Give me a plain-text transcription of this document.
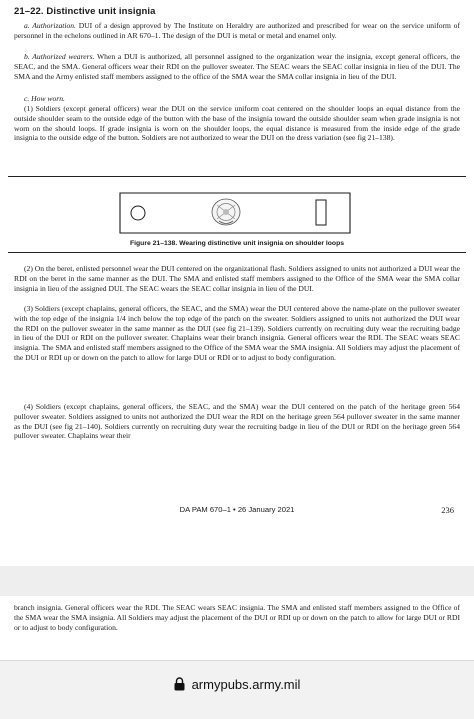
21–22. Distinctive unit insignia

a. Authorization. DUI of a design approved by The Institute on Heraldry are authorized and prescribed for wear on the service uniform of personnel in the echelons outlined in AR 670–1. The design of the DUI is metal or metal and enamel only.

b. Authorized wearers. When a DUI is authorized, all personnel assigned to the organization wear the insignia, except general officers, the SEAC, and the SMA. General officers wear their RDI on the pullover sweater. The SEAC wears the SEAC collar insignia in lieu of the DUI. The SMA and the Army enlisted staff members assigned to the office of the SMA wear the SMA collar insignia in lieu of the DUI.

c. How worn.

(1) Soldiers (except general officers) wear the DUI on the service uniform coat centered on the shoulder loops an equal distance from the outside shoulder seam to the outside edge of the button with the base of the insignia toward the outside shoulder seam when grade insignia is not worn on the should loops. If grade insignia is worn on the shoulder loops, the equal distance is measured from the inside edge of the grade insignia to the outside edge of the button. Soldiers are not authorized to wear the DUI on the dress variation (see fig 21–138).

Figure 21–138. Wearing distinctive unit insignia on shoulder loops

(2) On the beret, enlisted personnel wear the DUI centered on the organizational flash. Soldiers assigned to units not authorized a DUI wear the RDI on the beret in the same manner as the DUI. The SMA and enlisted staff members assigned to the Office of the SMA wear the SMA collar insignia in lieu of the assigned DUI. The SEAC wears the SEAC collar insignia in lieu of the DUI.

(3) Soldiers (except chaplains, general officers, the SEAC, and the SMA) wear the DUI centered above the name-plate on the pullover sweater with the top edge of the insignia 1/4 inch below the top edge of the patch on the sweater. Soldiers assigned to units not authorized the DUI wear the RDI on the pullover sweater in the same manner as the DUI (see fig 21–139). Soldiers currently on recruiting duty wear the recruiting badge in lieu of the DUI or RDI on the pullover sweater. Chaplains wear their branch insignia. General officers wear the RDI. The SEAC wears SEAC insignia. The SMA and enlisted staff members assigned to the Office of the SMA wear the SMA insignia. All Soldiers may adjust the placement of the DUI or RDI up or down on the patch to allow for large DUI or RDI or to adjust to body configuration.

(4) Soldiers (except chaplains, general officers, the SEAC, and the SMA) wear the DUI centered on the patch of the heritage green 564 pullover sweater. Soldiers assigned to units not authorized the DUI wear the RDI on the heritage green 564 pullover sweater in the same manner as the DUI (see fig 21–140). Soldiers currently on recruiting duty wear the recruiting badge in lieu of the DUI or RDI on the heritage green 564 pullover sweater. Chaplains wear their

DA PAM 670–1 • 26 January 2021	236

branch insignia. General officers wear the RDI. The SEAC wears SEAC insignia. The SMA and enlisted staff members assigned to the Office of the SMA wear the SMA insignia. All Soldiers may adjust the placement of the DUI or RDI up or down on the patch to allow for large DUI or RDI or to adjust to body configuration.

armypubs.army.mil
